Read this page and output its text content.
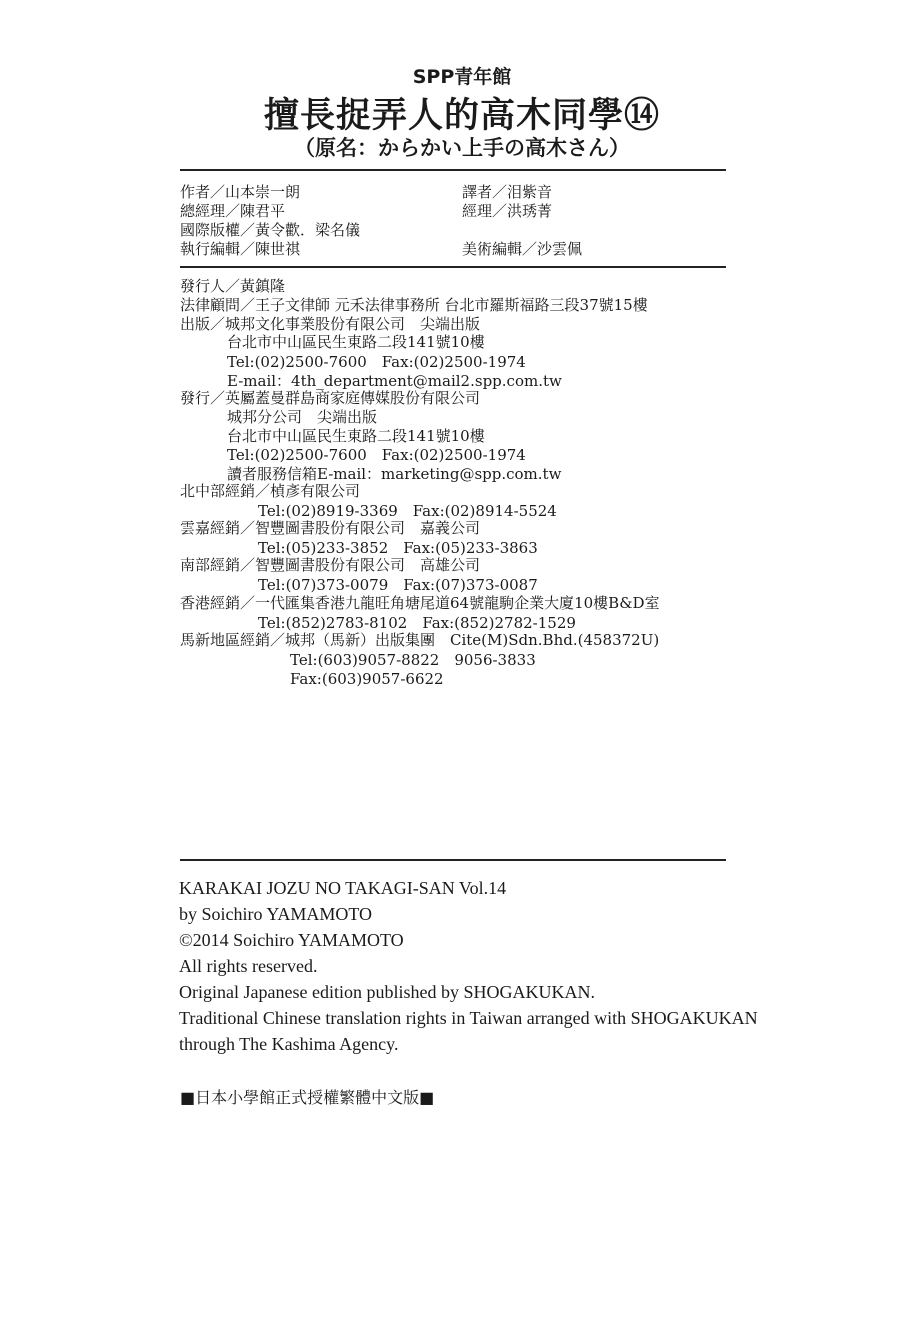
SPP青年館
擅長捉弄人的高木同學⑭
（原名：からかい上手の高木さん）
作者／山本崇一朗	譯者／泪紫音
總經理／陳君平	經理／洪琇菁
國際版權／黃令歡．梁名儀
執行編輯／陳世祺	美術編輯／沙雲佩
發行人／黃鎮隆
法律顧問／王子文律師 元禾法律事務所 台北市羅斯福路三段37號15樓
出版／城邦文化事業股份有限公司　尖端出版
台北市中山區民生東路二段141號10樓
Tel:(02)2500-7600　Fax:(02)2500-1974
E-mail：4th_department@mail2.spp.com.tw
發行／英屬蓋曼群島商家庭傳媒股份有限公司
城邦分公司　尖端出版
台北市中山區民生東路二段141號10樓
Tel:(02)2500-7600　Fax:(02)2500-1974
讀者服務信箱E-mail：marketing@spp.com.tw
北中部經銷／楨彥有限公司
Tel:(02)8919-3369　Fax:(02)8914-5524
雲嘉經銷／智豐圖書股份有限公司　嘉義公司
Tel:(05)233-3852　Fax:(05)233-3863
南部經銷／智豐圖書股份有限公司　高雄公司
Tel:(07)373-0079　Fax:(07)373-0087
香港經銷／一代匯集香港九龍旺角塘尾道64號龍駒企業大廈10樓B&D室
Tel:(852)2783-8102　Fax:(852)2782-1529
馬新地區經銷／城邦（馬新）出版集團　Cite(M)Sdn.Bhd.(458372U)
Tel:(603)9057-8822　9056-3833
Fax:(603)9057-6622
KARAKAI JOZU NO TAKAGI-SAN Vol.14
by Soichiro YAMAMOTO
©2014 Soichiro YAMAMOTO
All rights reserved.
Original Japanese edition published by SHOGAKUKAN.
Traditional Chinese translation rights in Taiwan arranged with SHOGAKUKAN
through The Kashima Agency.
■日本小學館正式授權繁體中文版■
